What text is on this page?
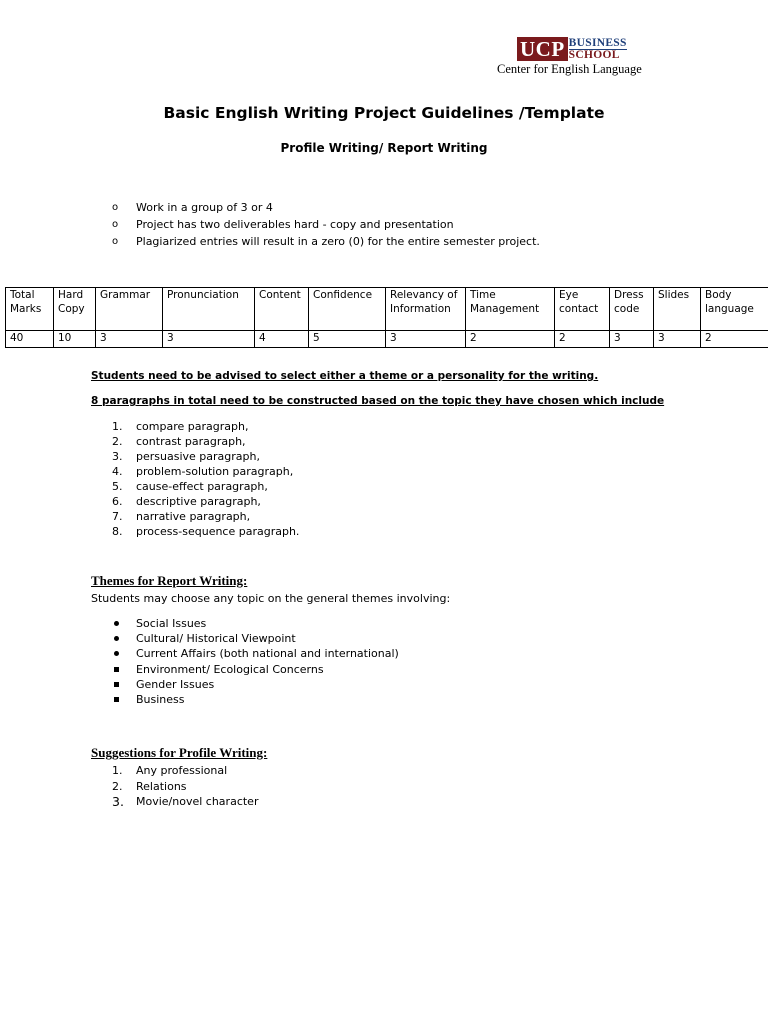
UCP BUSINESS
SCHOOL
Center for English Language
Basic English Writing Project Guidelines /Template
Profile Writing/ Report Writing
o	Work in a group of 3 or 4
o	Project has two deliverables hard - copy and presentation
o	Plagiarized entries will result in a zero (0) for the entire semester project.
Total Marks	Hard Copy	Grammar	Pronunciation	Content	Confidence	Relevancy of Information	Time Management	Eye contact	Dress code	Slides	Body language
40	10	3	3	4	5	3	2	2	3	3	2
Students need to be advised to select either a theme or a personality for the writing.
8 paragraphs in total need to be constructed based on the topic they have chosen which include
1.	compare paragraph,
2.	contrast paragraph,
3.	persuasive paragraph,
4.	problem-solution paragraph,
5.	cause-effect paragraph,
6.	descriptive paragraph,
7.	narrative paragraph,
8.	process-sequence paragraph.
Themes for Report Writing:
Students may choose any topic on the general themes involving:
Social Issues
Cultural/ Historical Viewpoint
Current Affairs (both national and international)
Environment/ Ecological Concerns
Gender Issues
Business
Suggestions for Profile Writing:
1.	Any professional
2.	Relations
3.	Movie/novel character
